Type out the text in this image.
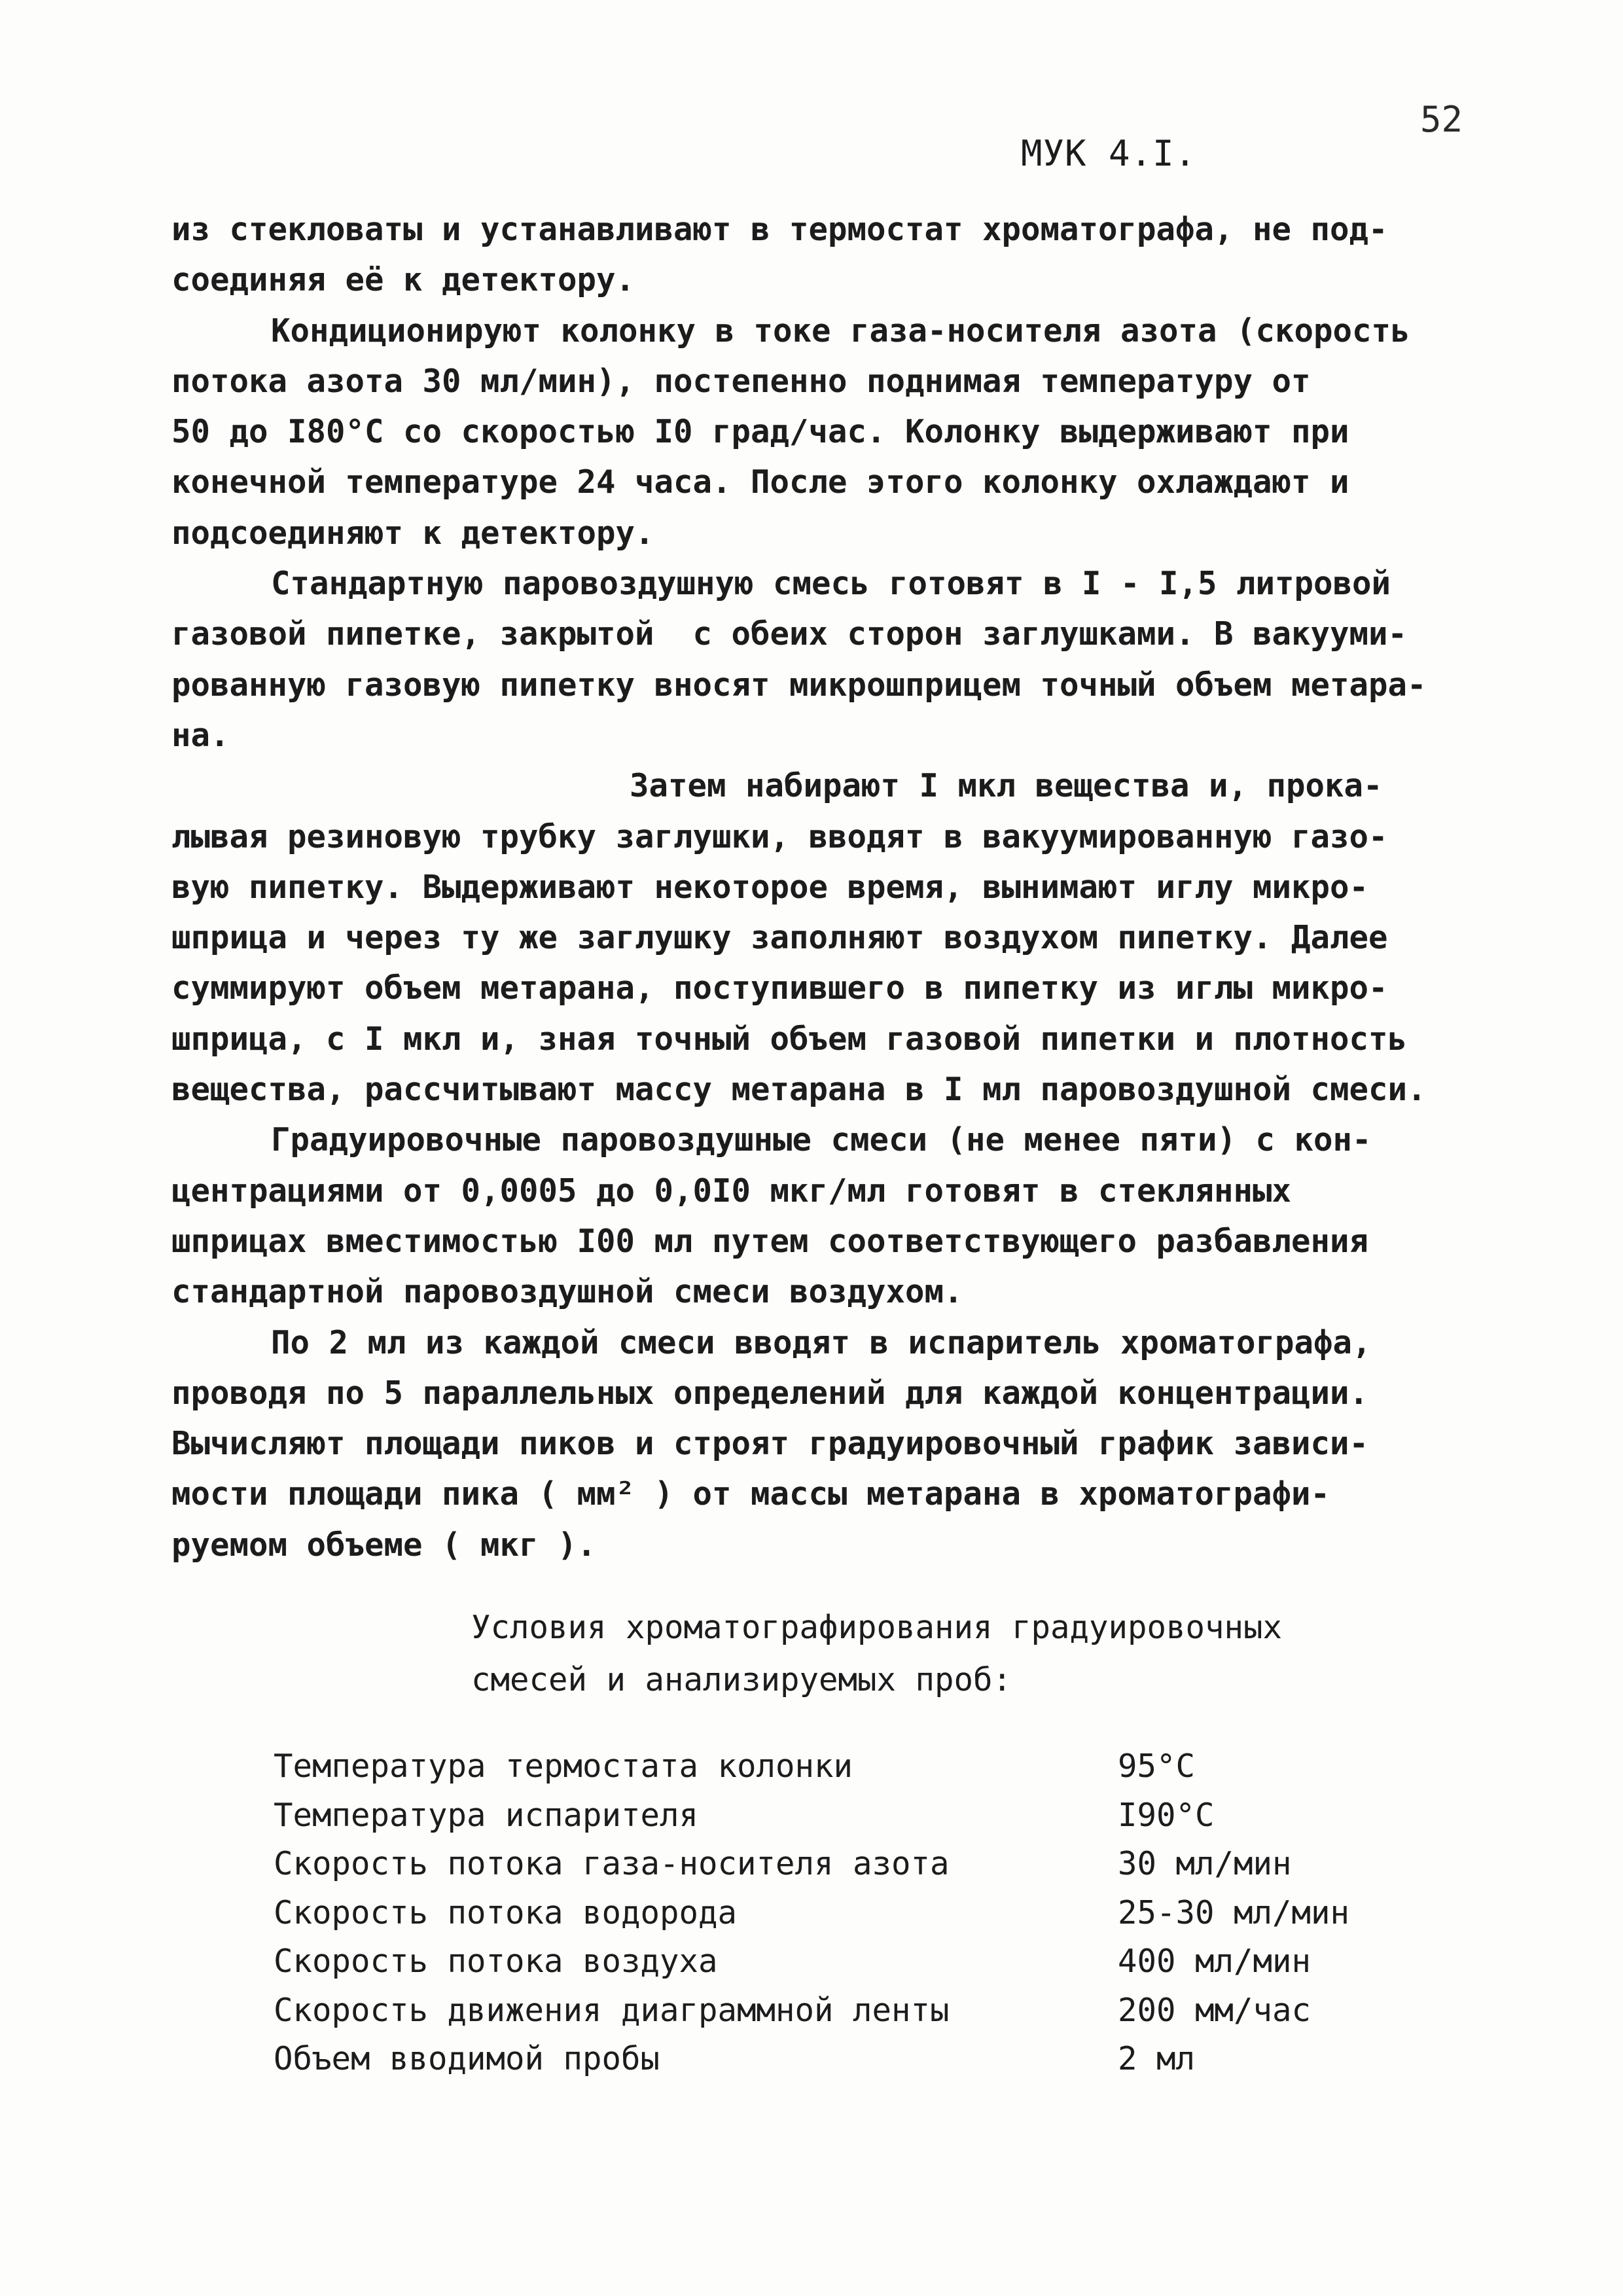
52
МУК 4.I.
из стекловаты и устанавливают в термостат хроматографа, не под-
соединяя её к детектору.
Кондиционируют колонку в токе газа-носителя азота (скорость
потока азота 30 мл/мин), постепенно поднимая температуру от
50 до I80°С со скоростью I0 град/час. Колонку выдерживают при
конечной температуре 24 часа. После этого колонку охлаждают и
подсоединяют к детектору.
Стандартную паровоздушную смесь готовят в I - I,5 литровой
газовой пипетке, закрытой  с обеих сторон заглушками. В вакууми-
рованную газовую пипетку вносят микрошприцем точный объем метара-
на.
Затем набирают I мкл вещества и, прока-
лывая резиновую трубку заглушки, вводят в вакуумированную газо-
вую пипетку. Выдерживают некоторое время, вынимают иглу микро-
шприца и через ту же заглушку заполняют воздухом пипетку. Далее
суммируют объем метарана, поступившего в пипетку из иглы микро-
шприца, с I мкл и, зная точный объем газовой пипетки и плотность
вещества, рассчитывают массу метарана в I мл паровоздушной смеси.
Градуировочные паровоздушные смеси (не менее пяти) с кон-
центрациями от 0,0005 до 0,0I0 мкг/мл готовят в стеклянных
шприцах вместимостью I00 мл путем соответствующего разбавления
стандартной паровоздушной смеси воздухом.
По 2 мл из каждой смеси вводят в испаритель хроматографа,
проводя по 5 параллельных определений для каждой концентрации.
Вычисляют площади пиков и строят градуировочный график зависи-
мости площади пика ( мм² ) от массы метарана в хроматографи-
руемом объеме ( мкг ).
Условия хроматографирования градуировочных
смесей и анализируемых проб:
Температура термостата колонки	95°С
Температура испарителя	I90°С
Скорость потока газа-носителя азота	30 мл/мин
Скорость потока водорода	25-30 мл/мин
Скорость потока воздуха	400 мл/мин
Скорость движения диаграммной ленты	200 мм/час
Объем вводимой пробы	2 мл
